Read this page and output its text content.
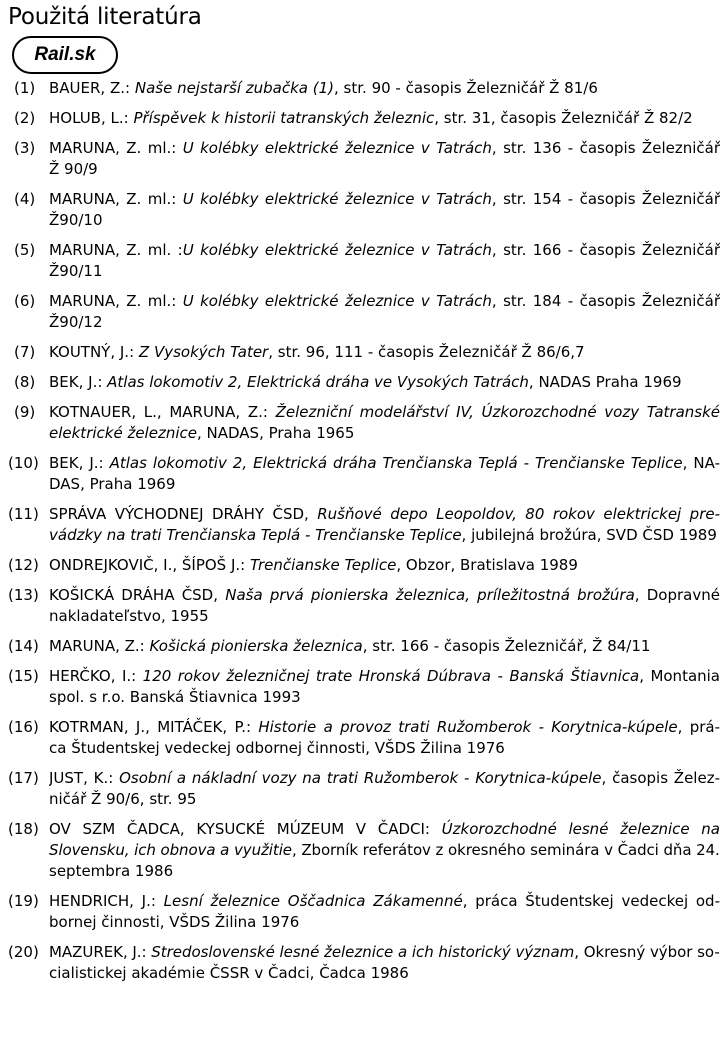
Použitá literatúra
Rail.sk
(1) BAUER, Z.: Naše nejstarší zubačka (1), str. 90 - časopis Železničář Ž 81/6
(2) HOLUB, L.: Příspěvek k historii tatranských železnic, str. 31, časopis Železničář Ž 82/2
(3) MARUNA, Z. ml.: U kolébky elektrické železnice v Tatrách, str. 136 - časopis Železničář
Ž 90/9
(4) MARUNA, Z. ml.: U kolébky elektrické železnice v Tatrách, str. 154 - časopis Železničář
Ž90/10
(5) MARUNA, Z. ml. :U kolébky elektrické železnice v Tatrách, str. 166 - časopis Železničář
Ž90/11
(6) MARUNA, Z. ml.: U kolébky elektrické železnice v Tatrách, str. 184 - časopis Železničář
Ž90/12
(7) KOUTNÝ, J.: Z Vysokých Tater, str. 96, 111 - časopis Železničář Ž 86/6,7
(8) BEK, J.: Atlas lokomotiv 2, Elektrická dráha ve Vysokých Tatrách, NADAS Praha 1969
(9) KOTNAUER, L., MARUNA, Z.: Železniční modelářství IV, Úzkorozchodné vozy Tatranské
elektrické železnice, NADAS, Praha 1965
(10) BEK, J.: Atlas lokomotiv 2, Elektrická dráha Trenčianska Teplá - Trenčianske Teplice, NA-
DAS, Praha 1969
(11) SPRÁVA VÝCHODNEJ DRÁHY ČSD, Rušňové depo Leopoldov, 80 rokov elektrickej pre-
vádzky na trati Trenčianska Teplá - Trenčianske Teplice, jubilejná brožúra, SVD ČSD 1989
(12) ONDREJKOVIČ, I., ŠÍPOŠ J.: Trenčianske Teplice, Obzor, Bratislava 1989
(13) KOŠICKÁ DRÁHA ČSD, Naša prvá pionierska železnica, príležitostná brožúra, Dopravné
nakladateľstvo, 1955
(14) MARUNA, Z.: Košická pionierska železnica, str. 166 - časopis Železničář, Ž 84/11
(15) HERČKO, I.: 120 rokov železničnej trate Hronská Dúbrava - Banská Štiavnica, Montania
spol. s r.o. Banská Štiavnica 1993
(16) KOTRMAN, J., MITÁČEK, P.: Historie a provoz trati Ružomberok - Korytnica-kúpele, prá-
ca Študentskej vedeckej odbornej činnosti, VŠDS Žilina 1976
(17) JUST, K.: Osobní a nákladní vozy na trati Ružomberok - Korytnica-kúpele, časopis Želez-
ničář Ž 90/6, str. 95
(18) OV SZM ČADCA, KYSUCKÉ MÚZEUM V ČADCI: Úzkorozchodné lesné železnice na
Slovensku, ich obnova a využitie, Zborník referátov z okresného seminára v Čadci dňa 24.
septembra 1986
(19) HENDRICH, J.: Lesní železnice Oščadnica Zákamenné, práca Študentskej vedeckej od-
bornej činnosti, VŠDS Žilina 1976
(20) MAZUREK, J.: Stredoslovenské lesné železnice a ich historický význam, Okresný výbor so-
cialistickej akadémie ČSSR v Čadci, Čadca 1986
